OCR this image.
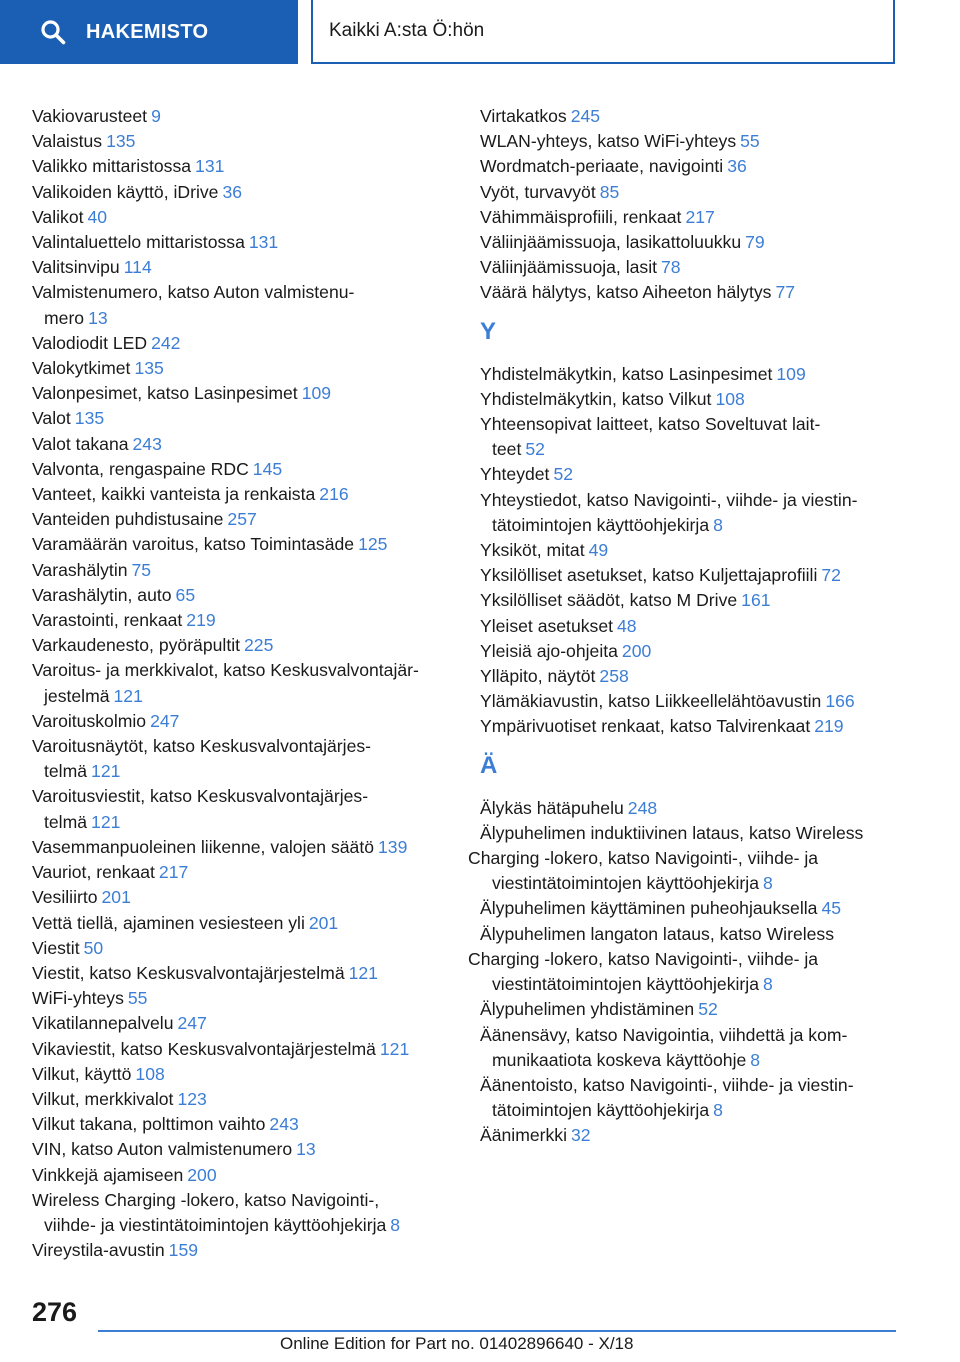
HAKEMISTO	Kaikki A:sta Ö:hön
Vakiovarusteet 9
Valaistus 135
Valikko mittaristossa 131
Valikoiden käyttö, iDrive 36
Valikot 40
Valintaluettelo mittaristossa 131
Valitsinvipu 114
Valmistenumero, katso Auton valmistenu‐
mero 13
Valodiodit LED 242
Valokytkimet 135
Valonpesimet, katso Lasinpesimet 109
Valot 135
Valot takana 243
Valvonta, rengaspaine RDC 145
Vanteet, kaikki vanteista ja renkaista 216
Vanteiden puhdistusaine 257
Varamäärän varoitus, katso Toimintasäde 125
Varashälytin 75
Varashälytin, auto 65
Varastointi, renkaat 219
Varkaudenesto, pyöräpultit 225
Varoitus- ja merkkivalot, katso Keskusvalvontajär‐
jestelmä 121
Varoituskolmio 247
Varoitusnäytöt, katso Keskusvalvontajärjes‐
telmä 121
Varoitusviestit, katso Keskusvalvontajärjes‐
telmä 121
Vasemmanpuoleinen liikenne, valojen säätö 139
Vauriot, renkaat 217
Vesiliirto 201
Vettä tiellä, ajaminen vesiesteen yli 201
Viestit 50
Viestit, katso Keskusvalvontajärjestelmä 121
WiFi-yhteys 55
Vikatilannepalvelu 247
Vikaviestit, katso Keskusvalvontajärjestelmä 121
Vilkut, käyttö 108
Vilkut, merkkivalot 123
Vilkut takana, polttimon vaihto 243
VIN, katso Auton valmistenumero 13
Vinkkejä ajamiseen 200
Wireless Charging -lokero, katso Navigointi-,
viihde- ja viestintätoimintojen käyttöohjekirja 8
Vireystila-avustin 159
Virtakatkos 245
WLAN-yhteys, katso WiFi-yhteys 55
Wordmatch-periaate, navigointi 36
Vyöt, turvavyöt 85
Vähimmäisprofiili, renkaat 217
Väliinjäämissuoja, lasikattoluukku 79
Väliinjäämissuoja, lasit 78
Väärä hälytys, katso Aiheeton hälytys 77
Y
Yhdistelmäkytkin, katso Lasinpesimet 109
Yhdistelmäkytkin, katso Vilkut 108
Yhteensopivat laitteet, katso Soveltuvat lait‐
teet 52
Yhteydet 52
Yhteystiedot, katso Navigointi-, viihde- ja viestin‐
tätoimintojen käyttöohjekirja 8
Yksiköt, mitat 49
Yksilölliset asetukset, katso Kuljettajaprofiili 72
Yksilölliset säädöt, katso M Drive 161
Yleiset asetukset 48
Yleisiä ajo-ohjeita 200
Ylläpito, näytöt 258
Ylämäkiavustin, katso Liikkeellelähtöavustin 166
Ympärivuotiset renkaat, katso Talvirenkaat 219
Ä
Älykäs hätäpuhelu 248
Älypuhelimen induktiivinen lataus, katso Wireless
Charging -lokero, katso Navigointi-, viihde- ja
viestintätoimintojen käyttöohjekirja 8
Älypuhelimen käyttäminen puheohjauksella 45
Älypuhelimen langaton lataus, katso Wireless
Charging -lokero, katso Navigointi-, viihde- ja
viestintätoimintojen käyttöohjekirja 8
Älypuhelimen yhdistäminen 52
Äänensävy, katso Navigointia, viihdettä ja kom‐
munikaatiota koskeva käyttöohje 8
Äänentoisto, katso Navigointi-, viihde- ja viestin‐
tätoimintojen käyttöohjekirja 8
Äänimerkki 32
276
Online Edition for Part no. 01402896640 - X/18
